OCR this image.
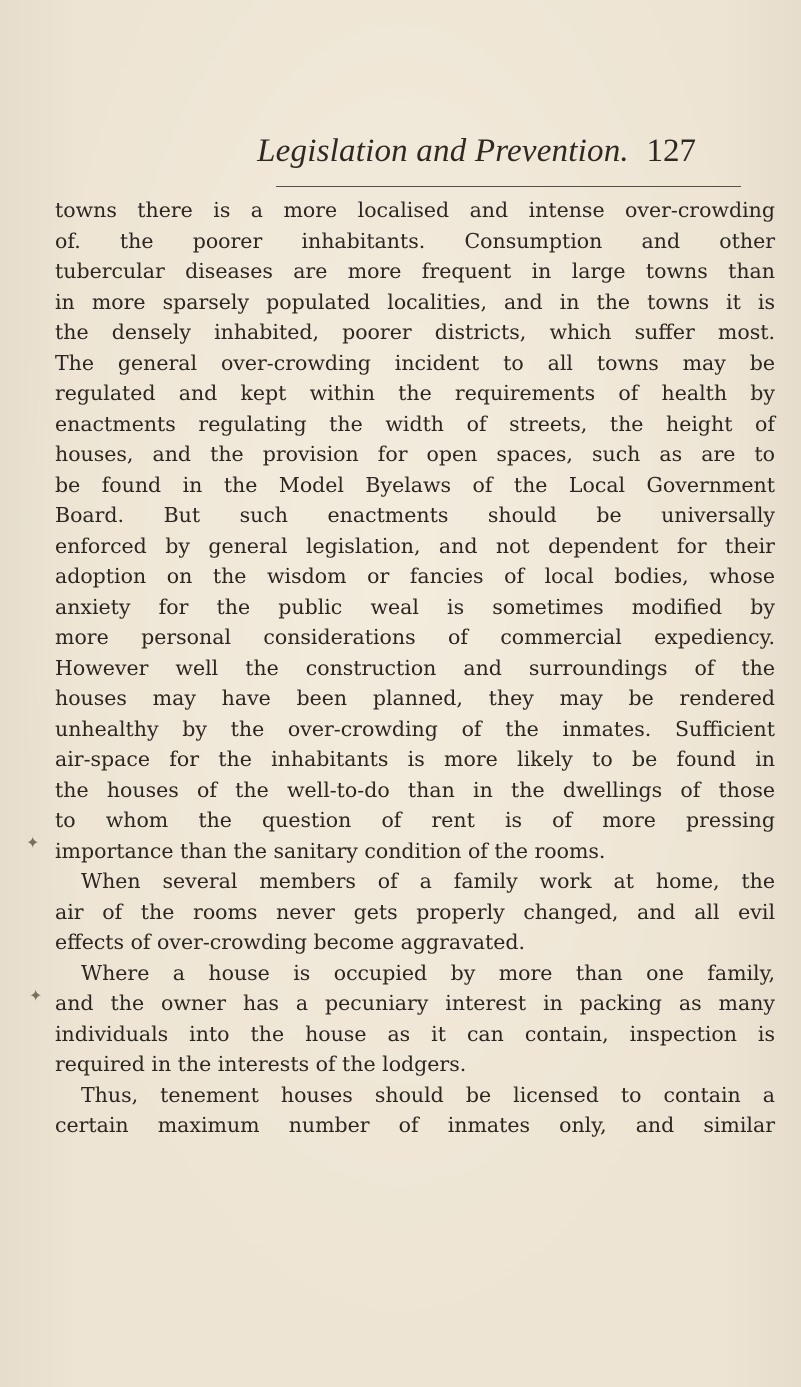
Legislation and Prevention. 127
towns there is a more localised and intense over-crowding
of. the poorer inhabitants. Consumption and other
tubercular diseases are more frequent in large towns than
in more sparsely populated localities, and in the towns it is
the densely inhabited, poorer districts, which suffer most.
The general over-crowding incident to all towns may be
regulated and kept within the requirements of health by
enactments regulating the width of streets, the height of
houses, and the provision for open spaces, such as are to
be found in the Model Byelaws of the Local Government
Board. But such enactments should be universally
enforced by general legislation, and not dependent for their
adoption on the wisdom or fancies of local bodies, whose
anxiety for the public weal is sometimes modified by
more personal considerations of commercial expediency.
However well the construction and surroundings of the
houses may have been planned, they may be rendered
unhealthy by the over-crowding of the inmates. Sufficient
air-space for the inhabitants is more likely to be found in
the houses of the well-to-do than in the dwellings of those
to whom the question of rent is of more pressing
importance than the sanitary condition of the rooms.
When several members of a family work at home, the
air of the rooms never gets properly changed, and all evil
effects of over-crowding become aggravated.
Where a house is occupied by more than one family,
and the owner has a pecuniary interest in packing as many
individuals into the house as it can contain, inspection is
required in the interests of the lodgers.
Thus, tenement houses should be licensed to contain a
certain maximum number of inmates only, and similar
✦
✦
